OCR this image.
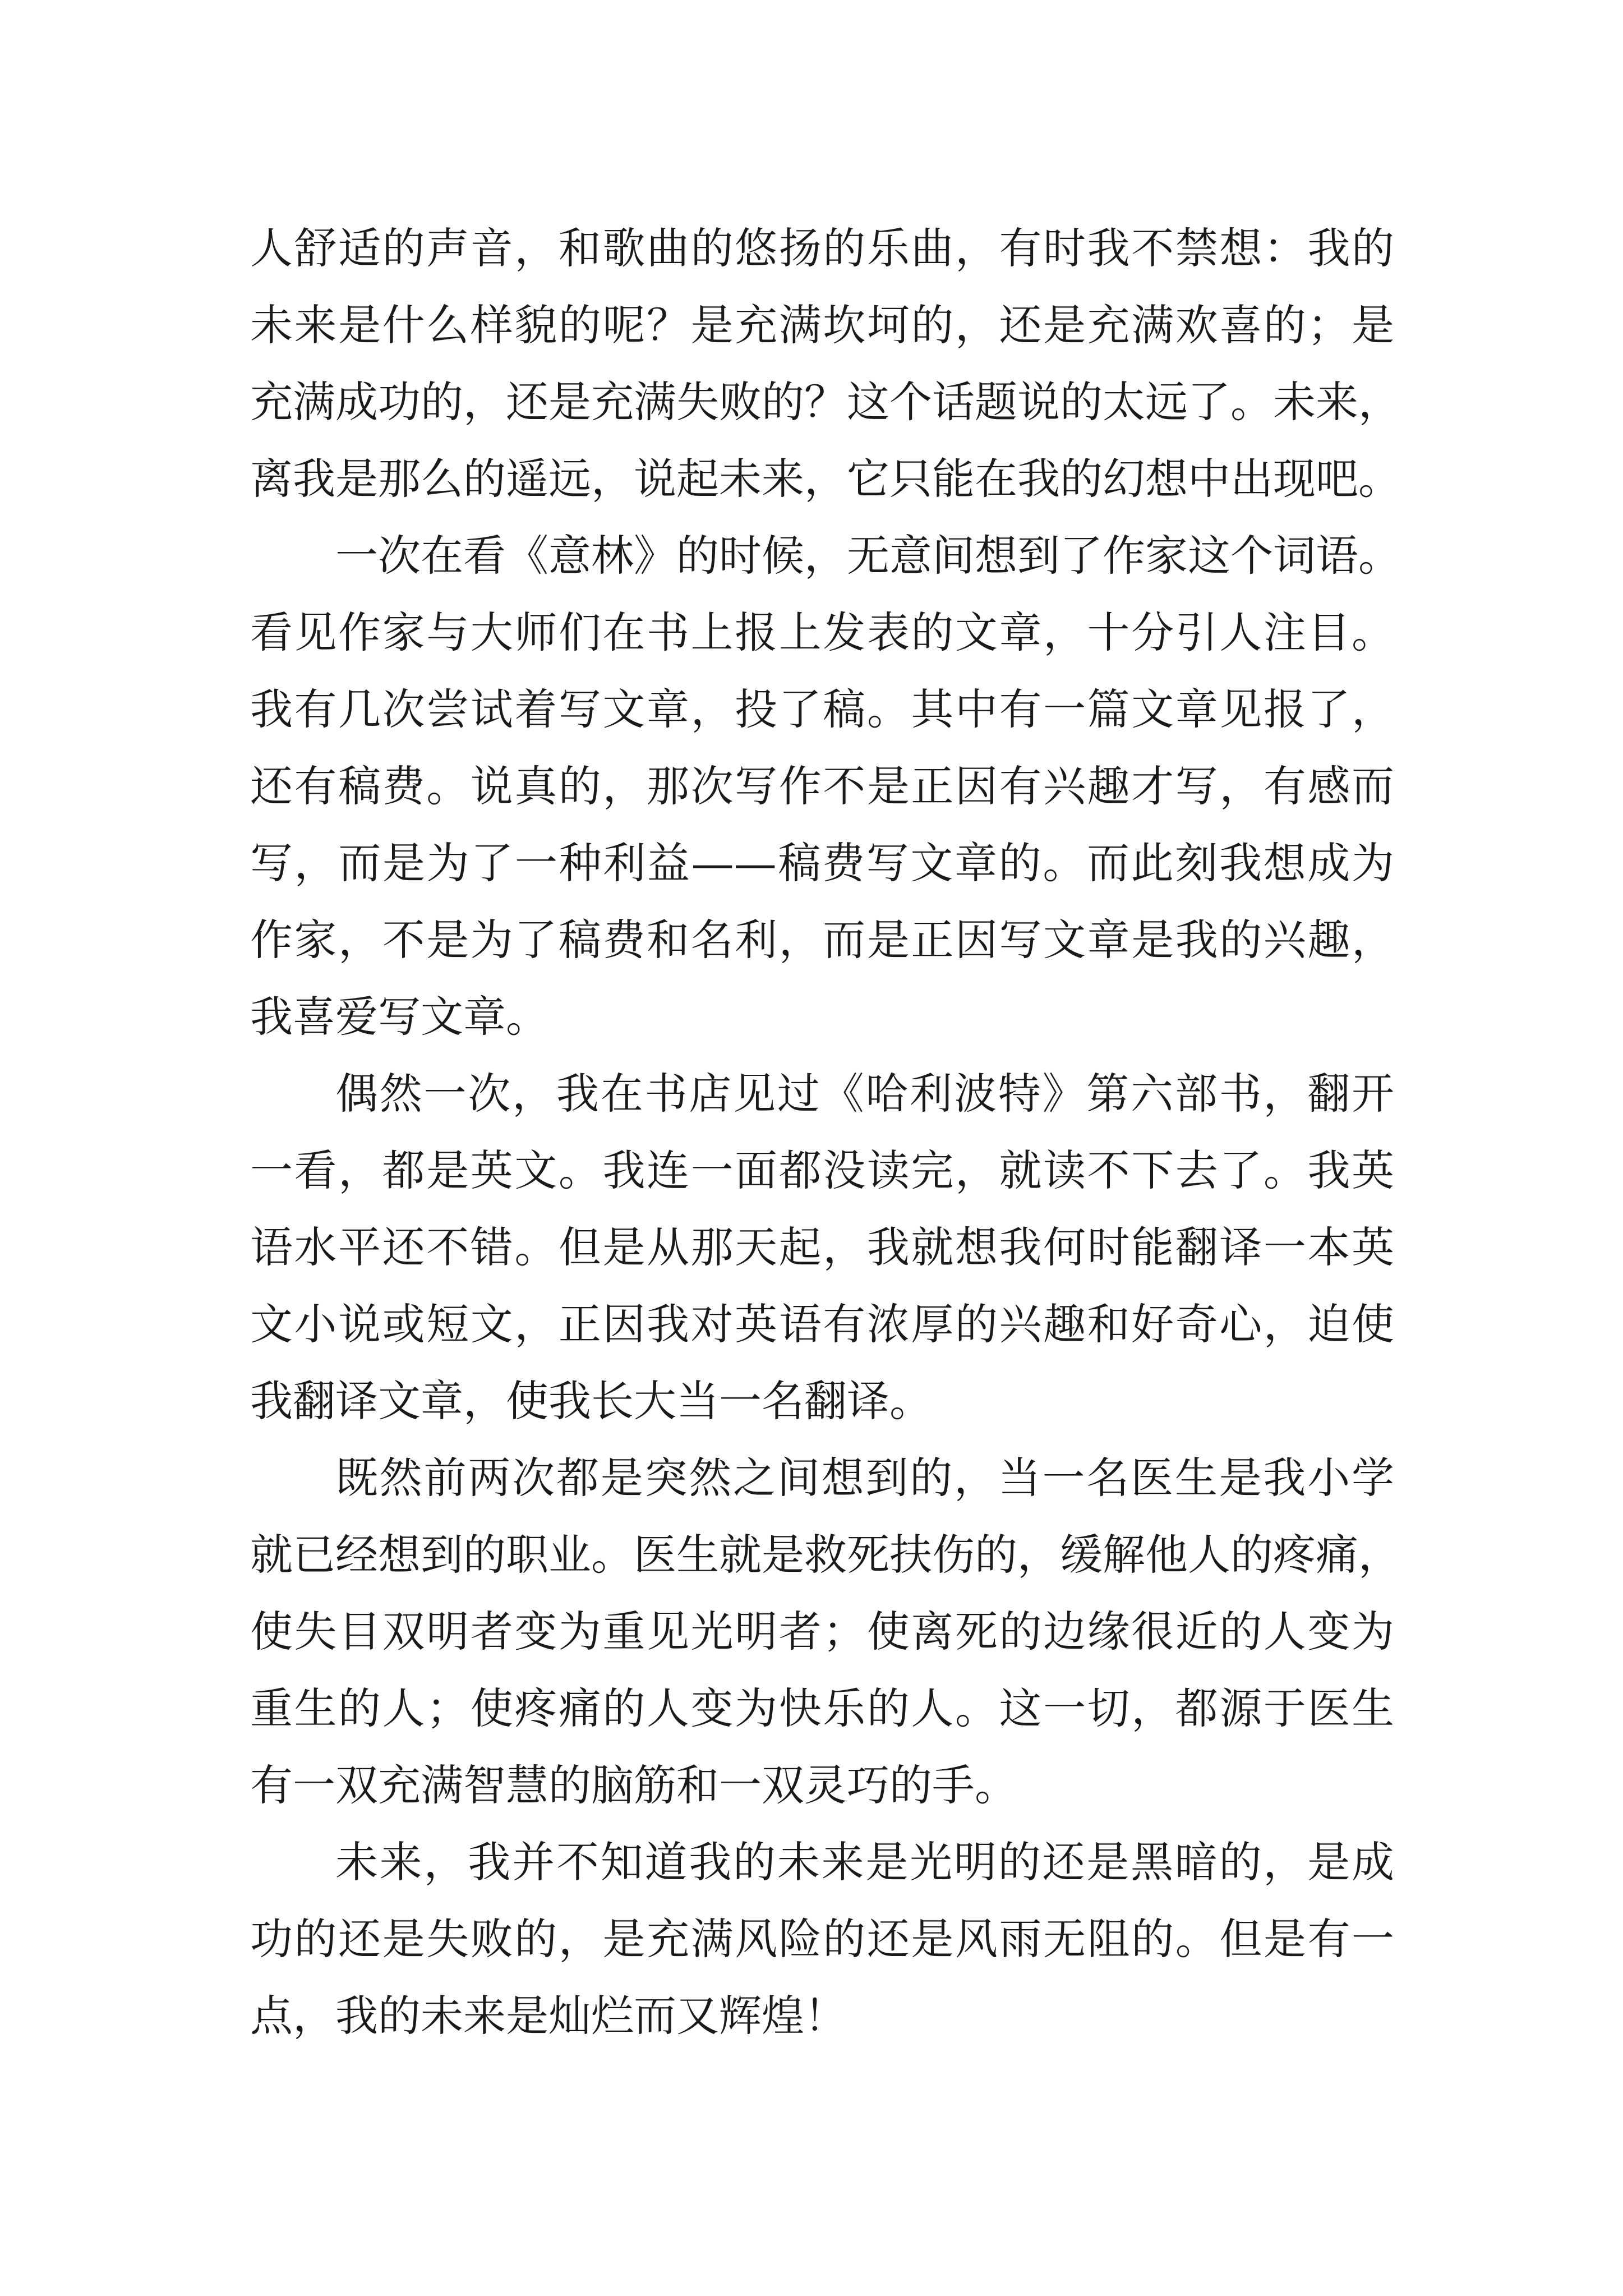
人舒适的声音，和歌曲的悠扬的乐曲，有时我不禁想：我的
未来是什么样貌的呢？是充满坎坷的，还是充满欢喜的；是
充满成功的，还是充满失败的？这个话题说的太远了。未来，
离我是那么的遥远，说起未来，它只能在我的幻想中出现吧。
一次在看《意林》的时候，无意间想到了作家这个词语。
看见作家与大师们在书上报上发表的文章，十分引人注目。
我有几次尝试着写文章，投了稿。其中有一篇文章见报了，
还有稿费。说真的，那次写作不是正因有兴趣才写，有感而
写，而是为了一种利益——稿费写文章的。而此刻我想成为
作家，不是为了稿费和名利，而是正因写文章是我的兴趣，
我喜爱写文章。
偶然一次，我在书店见过《哈利波特》第六部书，翻开
一看，都是英文。我连一面都没读完，就读不下去了。我英
语水平还不错。但是从那天起，我就想我何时能翻译一本英
文小说或短文，正因我对英语有浓厚的兴趣和好奇心，迫使
我翻译文章，使我长大当一名翻译。
既然前两次都是突然之间想到的，当一名医生是我小学
就已经想到的职业。医生就是救死扶伤的，缓解他人的疼痛，
使失目双明者变为重见光明者；使离死的边缘很近的人变为
重生的人；使疼痛的人变为快乐的人。这一切，都源于医生
有一双充满智慧的脑筋和一双灵巧的手。
未来，我并不知道我的未来是光明的还是黑暗的，是成
功的还是失败的，是充满风险的还是风雨无阻的。但是有一
点，我的未来是灿烂而又辉煌！
